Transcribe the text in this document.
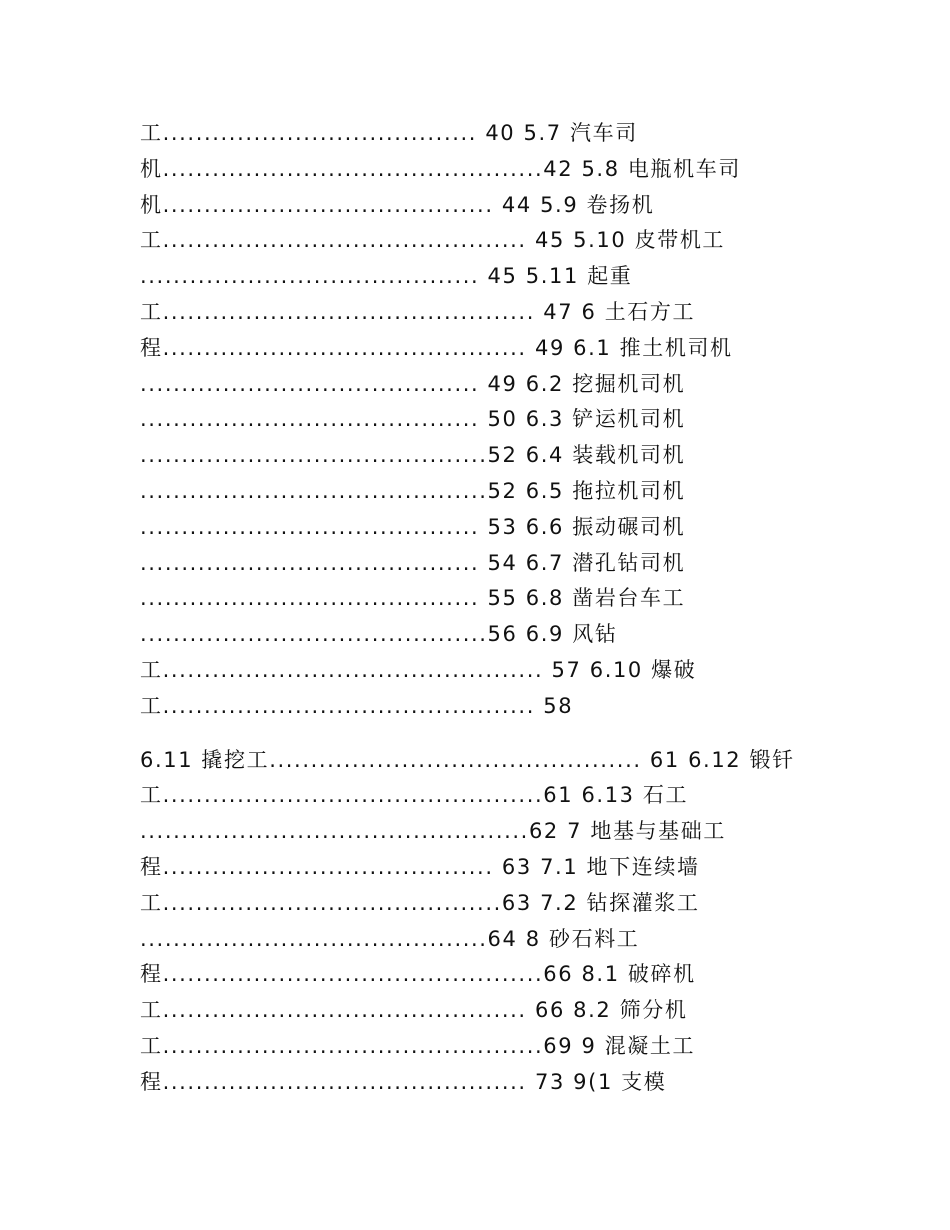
工...................................... 40 5.7 汽车司
机..............................................42 5.8 电瓶机车司
机........................................ 44 5.9 卷扬机
工............................................ 45 5.10 皮带机工
......................................... 45 5.11 起重
工............................................. 47 6 土石方工
程............................................ 49 6.1 推土机司机
......................................... 49 6.2 挖掘机司机
......................................... 50 6.3 铲运机司机
..........................................52 6.4 装载机司机
..........................................52 6.5 拖拉机司机
......................................... 53 6.6 振动碾司机
......................................... 54 6.7 潜孔钻司机
......................................... 55 6.8 凿岩台车工
..........................................56 6.9 风钻
工.............................................. 57 6.10 爆破
工............................................. 58
6.11 撬挖工............................................. 61 6.12 锻钎
工..............................................61 6.13 石工
...............................................62 7 地基与基础工
程........................................ 63 7.1 地下连续墙
工.........................................63 7.2 钻探灌浆工
..........................................64 8 砂石料工
程..............................................66 8.1 破碎机
工............................................ 66 8.2 筛分机
工..............................................69 9 混凝土工
程............................................ 73 9(1 支模
